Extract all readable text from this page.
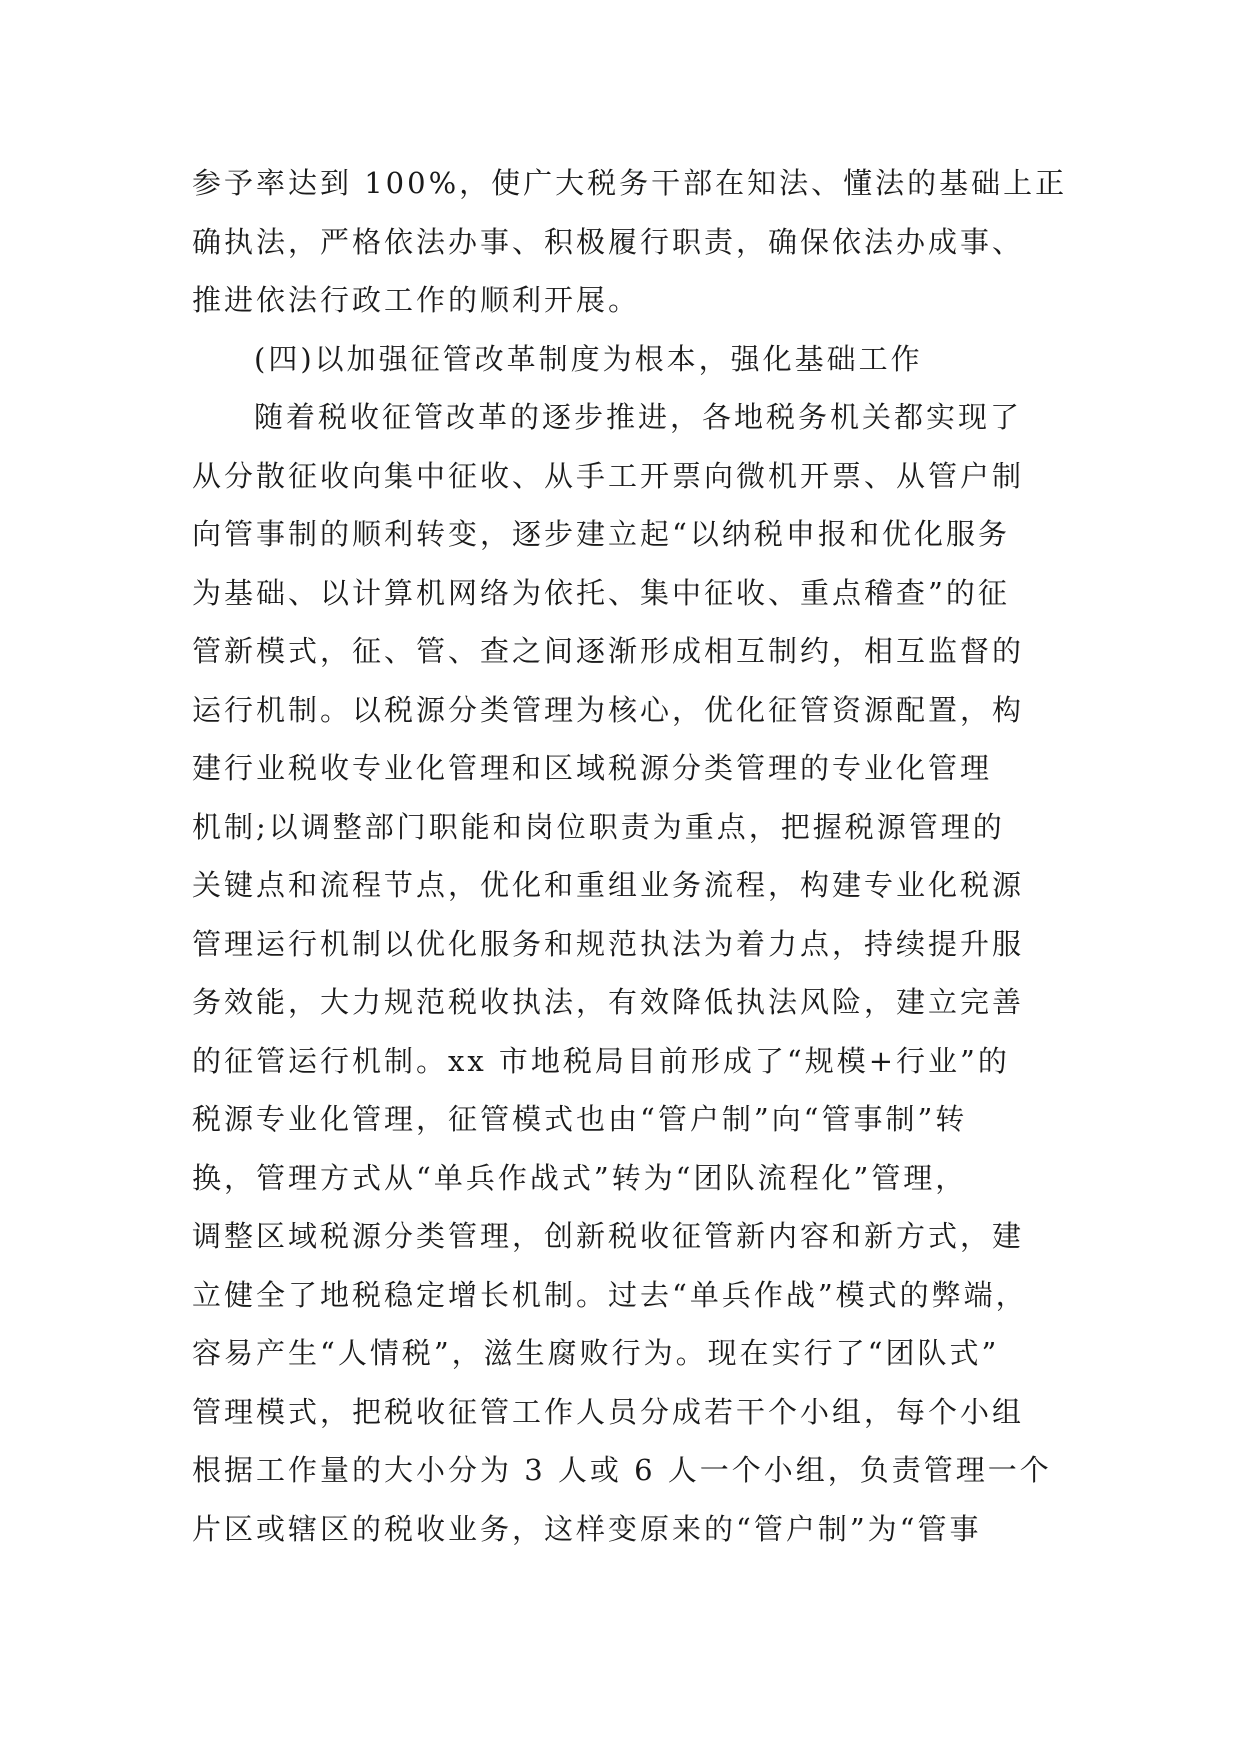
参予率达到 100%，使广大税务干部在知法、懂法的基础上正
确执法，严格依法办事、积极履行职责，确保依法办成事、
推进依法行政工作的顺利开展。
(四)以加强征管改革制度为根本，强化基础工作
随着税收征管改革的逐步推进，各地税务机关都实现了
从分散征收向集中征收、从手工开票向微机开票、从管户制
向管事制的顺利转变，逐步建立起“以纳税申报和优化服务
为基础、以计算机网络为依托、集中征收、重点稽查”的征
管新模式，征、管、查之间逐渐形成相互制约，相互监督的
运行机制。以税源分类管理为核心，优化征管资源配置，构
建行业税收专业化管理和区域税源分类管理的专业化管理
机制;以调整部门职能和岗位职责为重点，把握税源管理的
关键点和流程节点，优化和重组业务流程，构建专业化税源
管理运行机制以优化服务和规范执法为着力点，持续提升服
务效能，大力规范税收执法，有效降低执法风险，建立完善
的征管运行机制。xx 市地税局目前形成了“规模+行业”的
税源专业化管理，征管模式也由“管户制”向“管事制”转
换，管理方式从“单兵作战式”转为“团队流程化”管理，
调整区域税源分类管理，创新税收征管新内容和新方式，建
立健全了地税稳定增长机制。过去“单兵作战”模式的弊端，
容易产生“人情税”，滋生腐败行为。现在实行了“团队式”
管理模式，把税收征管工作人员分成若干个小组，每个小组
根据工作量的大小分为 3 人或 6 人一个小组，负责管理一个
片区或辖区的税收业务，这样变原来的“管户制”为“管事
